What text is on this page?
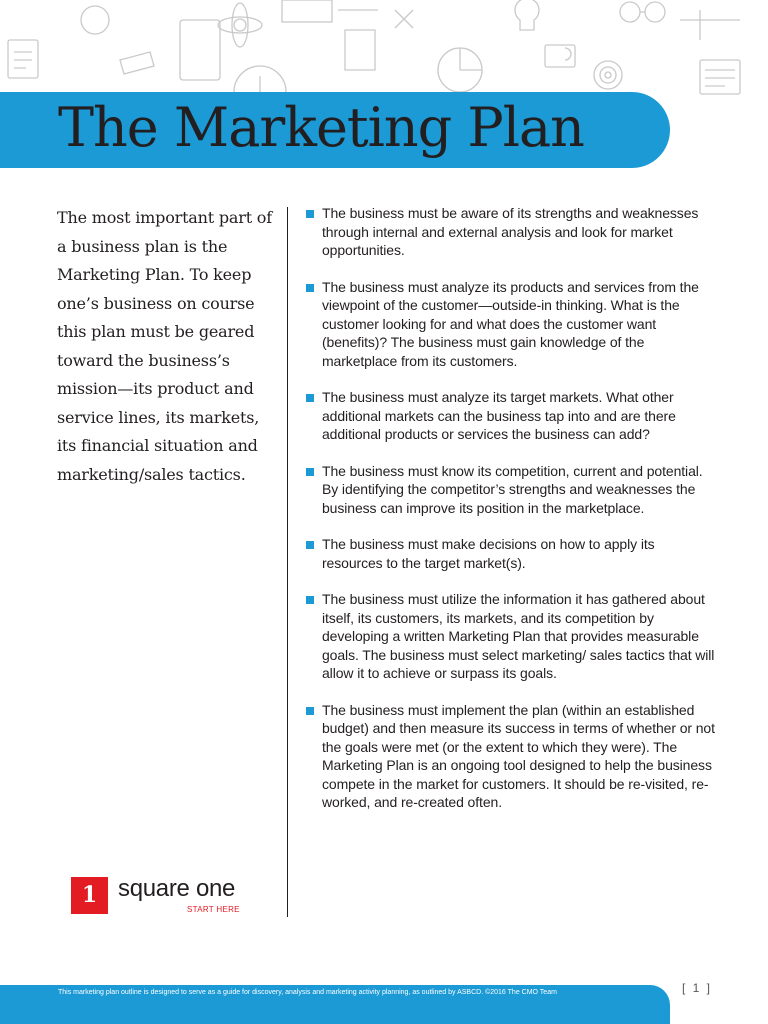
The Marketing Plan

The most important part of a business plan is the Marketing Plan. To keep one’s business on course this plan must be geared toward the business’s mission—its product and service lines, its markets, its financial situation and marketing/sales tactics.

The business must be aware of its strengths and weaknesses through internal and external analysis and look for market opportunities.
The business must analyze its products and services from the viewpoint of the customer—outside-in thinking. What is the customer looking for and what does the customer want (benefits)? The business must gain knowledge of the marketplace from its customers.
The business must analyze its target markets. What other additional markets can the business tap into and are there additional products or services the business can add?
The business must know its competition, current and potential. By identifying the competitor’s strengths and weaknesses the business can improve its position in the marketplace.
The business must make decisions on how to apply its resources to the target market(s).
The business must utilize the information it has gathered about itself, its customers, its markets, and its competition by developing a written Marketing Plan that provides measurable goals. The business must select marketing/ sales tactics that will allow it to achieve or surpass its goals.
The business must implement the plan (within an established budget) and then measure its success in terms of whether or not the goals were met (or the extent to which they were). The Marketing Plan is an ongoing tool designed to help the business compete in the market for customers. It should be re-visited, re-worked, and re-created often.
1 square one
START HERE
[ 1 ]
This marketing plan outline is designed to serve as a guide for discovery, analysis and marketing activity planning, as outlined by ASBCD. ©2016 The CMO Team
